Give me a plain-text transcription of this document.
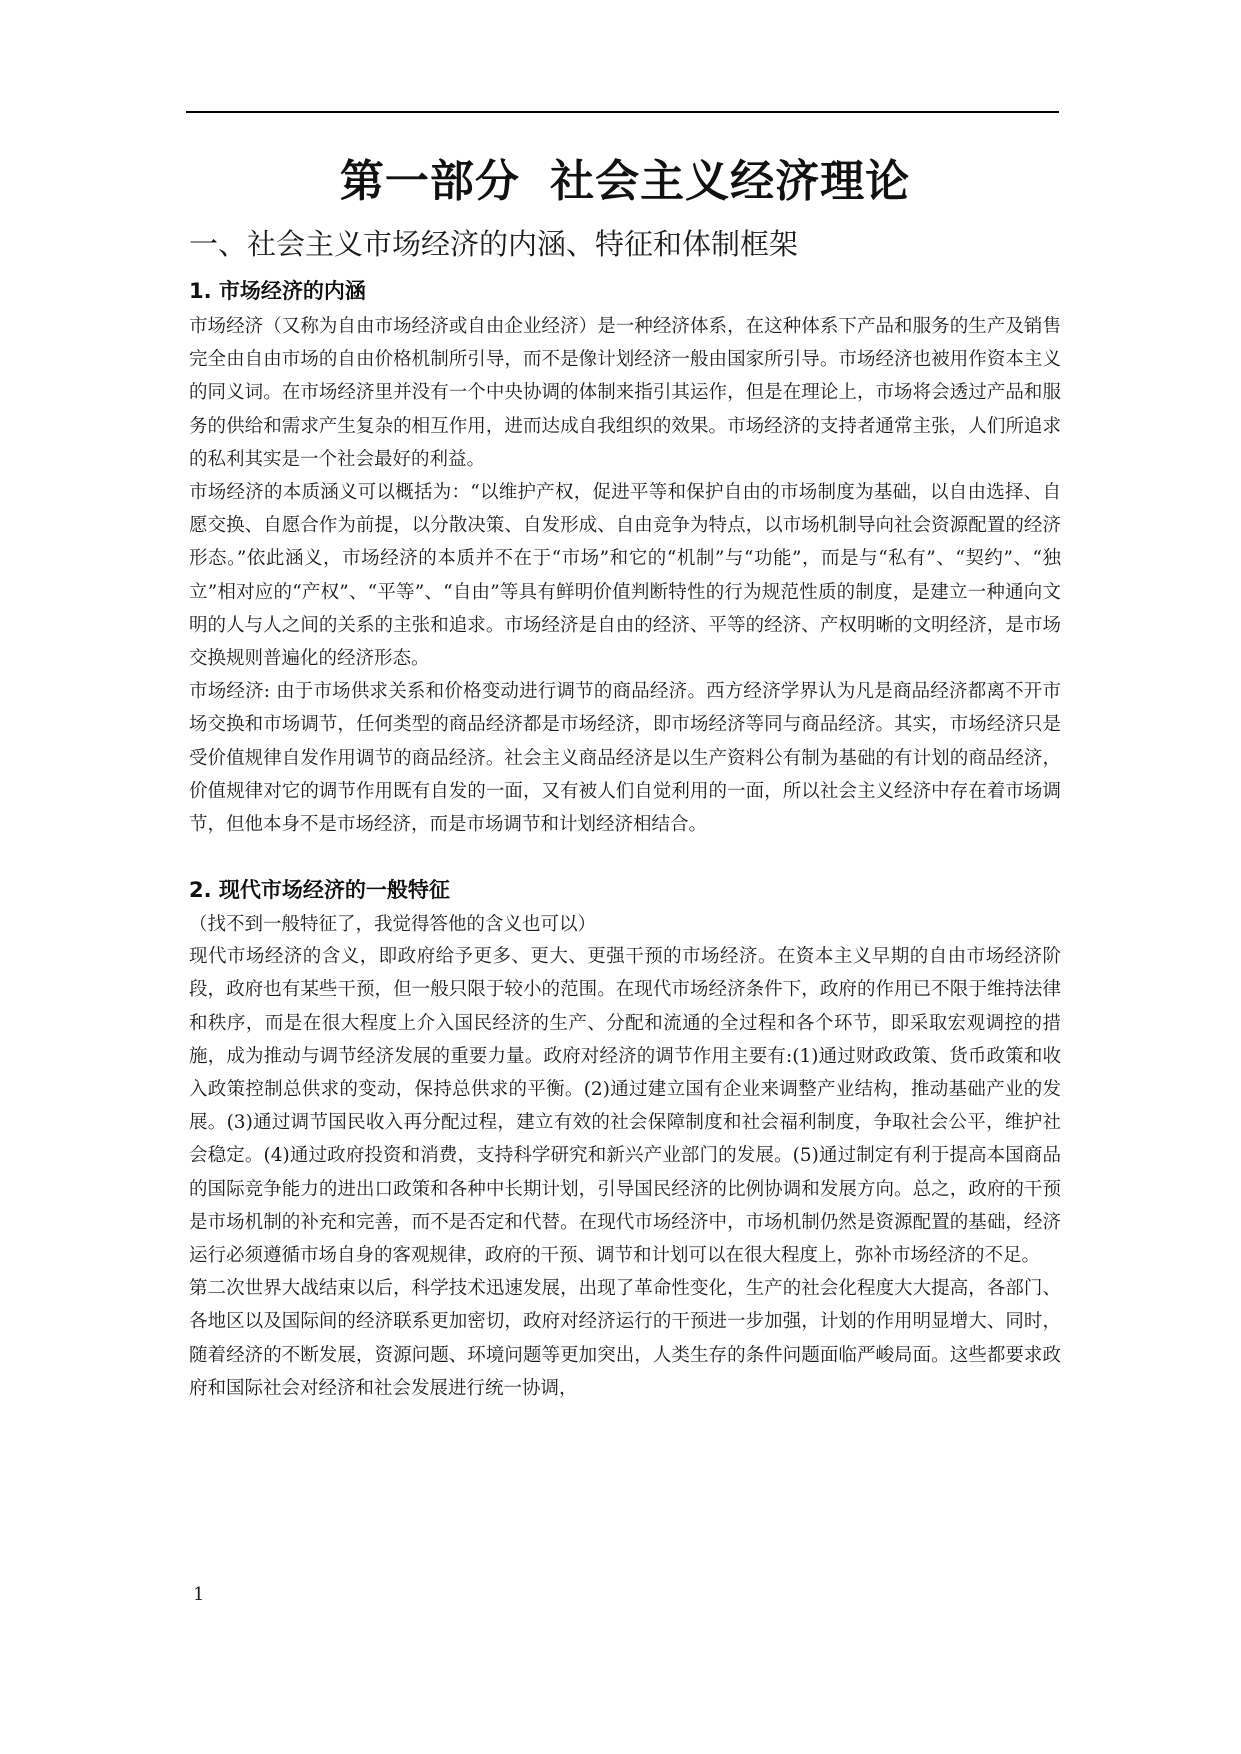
第一部分 社会主义经济理论
一、社会主义市场经济的内涵、特征和体制框架
1. 市场经济的内涵

市场经济（又称为自由市场经济或自由企业经济）是一种经济体系，在这种体系下产品和服务的生产及销售完全由自由市场的自由价格机制所引导，而不是像计划经济一般由国家所引导。市场经济也被用作资本主义的同义词。在市场经济里并没有一个中央协调的体制来指引其运作，但是在理论上，市场将会透过产品和服务的供给和需求产生复杂的相互作用，进而达成自我组织的效果。市场经济的支持者通常主张，人们所追求的私利其实是一个社会最好的利益。

市场经济的本质涵义可以概括为：“以维护产权，促进平等和保护自由的市场制度为基础，以自由选择、自愿交换、自愿合作为前提，以分散决策、自发形成、自由竞争为特点，以市场机制导向社会资源配置的经济形态。”依此涵义，市场经济的本质并不在于“市场”和它的“机制”与“功能”，而是与“私有”、“契约”、“独立”相对应的“产权”、“平等”、“自由”等具有鲜明价值判断特性的行为规范性质的制度，是建立一种通向文明的人与人之间的关系的主张和追求。市场经济是自由的经济、平等的经济、产权明晰的文明经济，是市场交换规则普遍化的经济形态。

市场经济: 由于市场供求关系和价格变动进行调节的商品经济。西方经济学界认为凡是商品经济都离不开市场交换和市场调节，任何类型的商品经济都是市场经济，即市场经济等同与商品经济。其实，市场经济只是受价值规律自发作用调节的商品经济。社会主义商品经济是以生产资料公有制为基础的有计划的商品经济，价值规律对它的调节作用既有自发的一面，又有被人们自觉利用的一面，所以社会主义经济中存在着市场调节，但他本身不是市场经济，而是市场调节和计划经济相结合。

2. 现代市场经济的一般特征

（找不到一般特征了，我觉得答他的含义也可以）

现代市场经济的含义，即政府给予更多、更大、更强干预的市场经济。在资本主义早期的自由市场经济阶段，政府也有某些干预，但一般只限于较小的范围。在现代市场经济条件下，政府的作用已不限于维持法律和秩序，而是在很大程度上介入国民经济的生产、分配和流通的全过程和各个环节，即采取宏观调控的措施，成为推动与调节经济发展的重要力量。政府对经济的调节作用主要有:(1)通过财政政策、货币政策和收入政策控制总供求的变动，保持总供求的平衡。(2)通过建立国有企业来调整产业结构，推动基础产业的发展。(3)通过调节国民收入再分配过程，建立有效的社会保障制度和社会福利制度，争取社会公平，维护社会稳定。(4)通过政府投资和消费，支持科学研究和新兴产业部门的发展。(5)通过制定有利于提高本国商品的国际竞争能力的进出口政策和各种中长期计划，引导国民经济的比例协调和发展方向。总之，政府的干预是市场机制的补充和完善，而不是否定和代替。在现代市场经济中，市场机制仍然是资源配置的基础，经济运行必须遵循市场自身的客观规律，政府的干预、调节和计划可以在很大程度上，弥补市场经济的不足。

第二次世界大战结束以后，科学技术迅速发展，出现了革命性变化，生产的社会化程度大大提高，各部门、各地区以及国际间的经济联系更加密切，政府对经济运行的干预进一步加强，计划的作用明显增大、同时，随着经济的不断发展，资源问题、环境问题等更加突出，人类生存的条件问题面临严峻局面。这些都要求政府和国际社会对经济和社会发展进行统一协调，

1
